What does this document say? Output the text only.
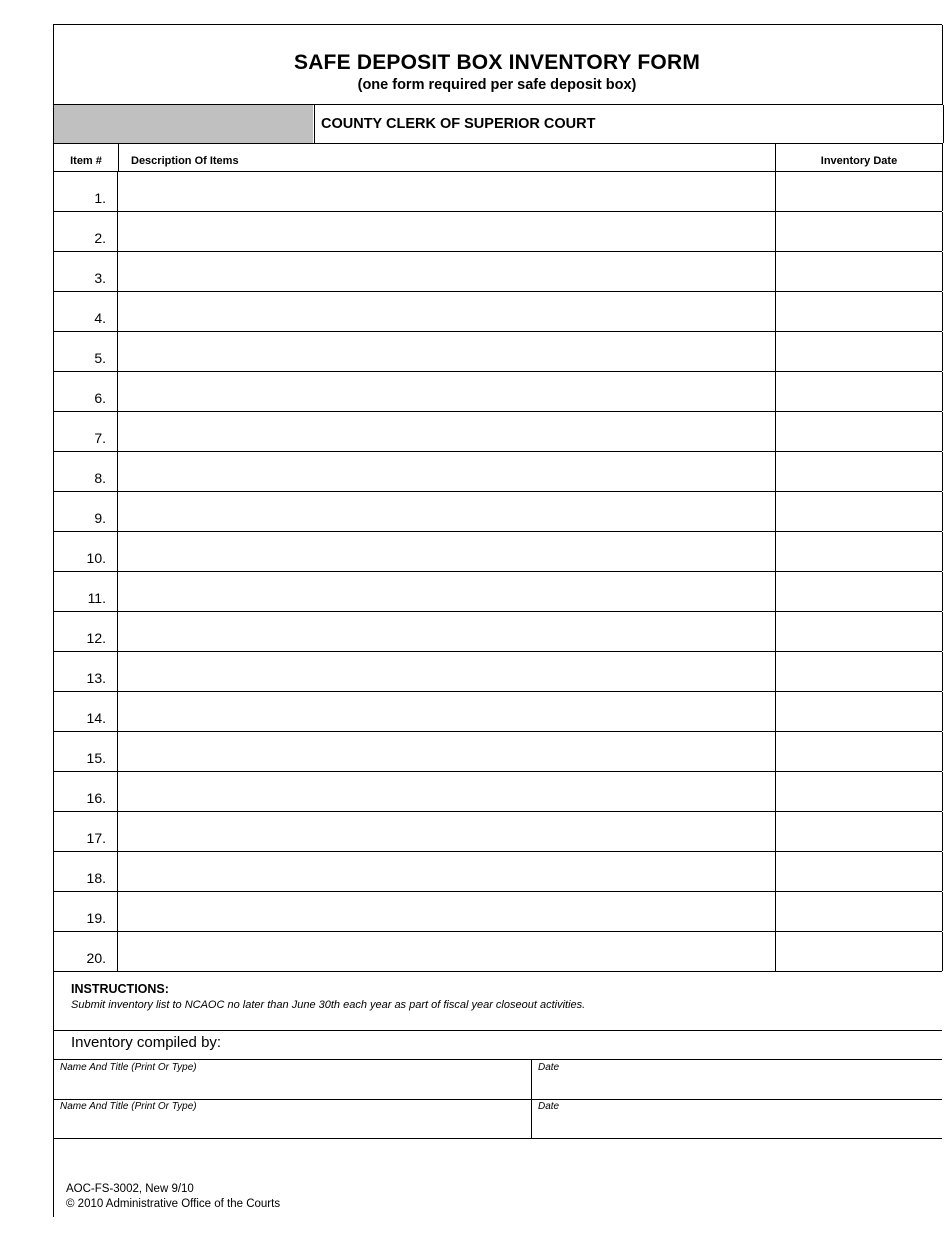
SAFE DEPOSIT BOX INVENTORY FORM
(one form required per safe deposit box)
COUNTY CLERK OF SUPERIOR COURT
Item #	Description Of Items	Inventory Date
1.
2.
3.
4.
5.
6.
7.
8.
9.
10.
11.
12.
13.
14.
15.
16.
17.
18.
19.
20.
INSTRUCTIONS:
Submit inventory list to NCAOC no later than June 30th each year as part of fiscal year closeout activities.
Inventory compiled by:
Name And Title (Print Or Type)	Date
Name And Title (Print Or Type)	Date
AOC-FS-3002, New 9/10
© 2010 Administrative Office of the Courts
